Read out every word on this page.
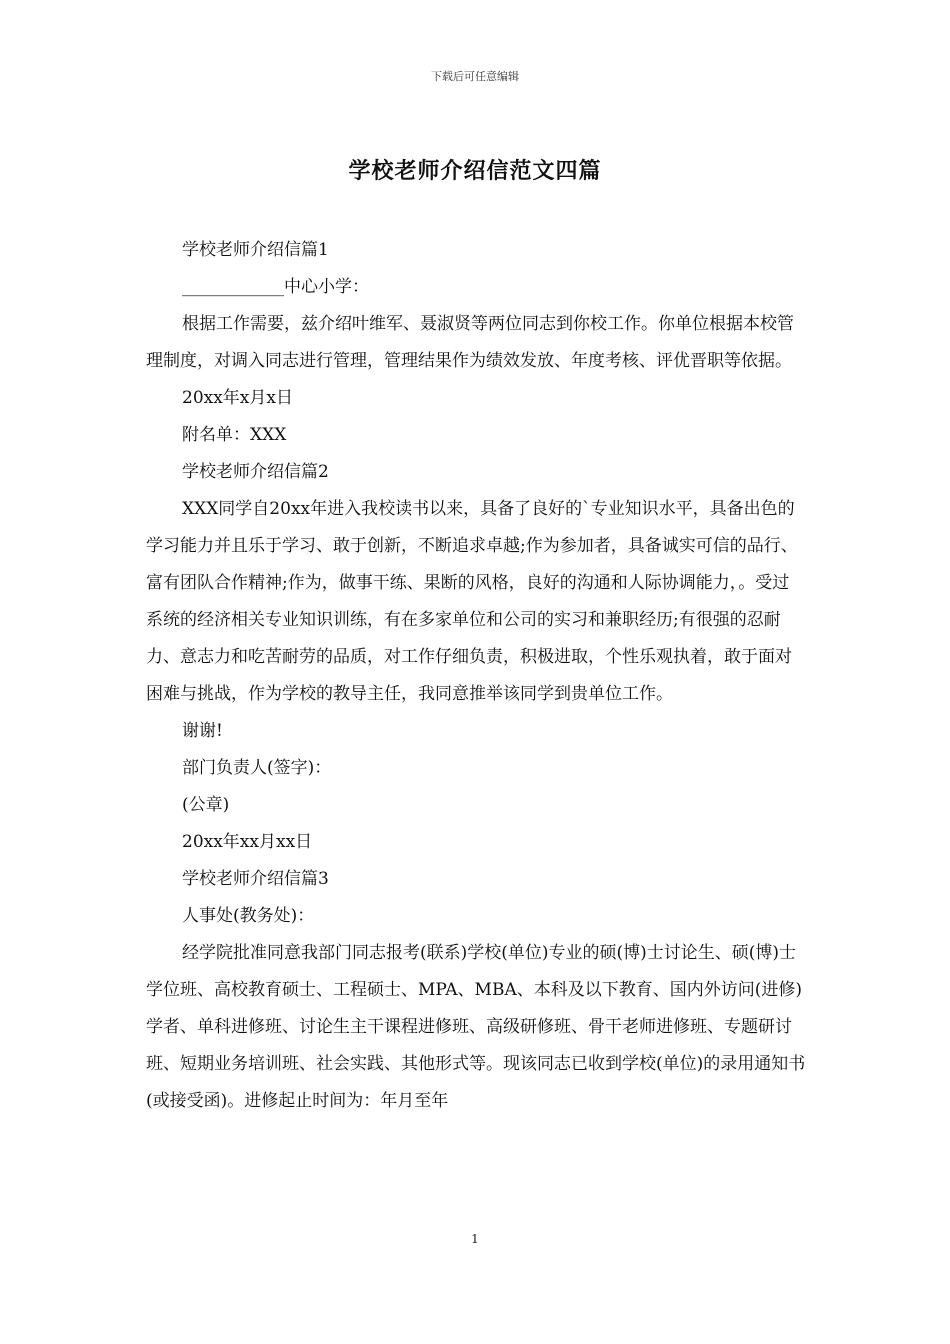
下载后可任意编辑
学校老师介绍信范文四篇
学校老师介绍信篇1
____________中心小学：

根据工作需要，兹介绍叶维军、聂淑贤等两位同志到你校工作。你单位根据本校管理制度，对调入同志进行管理，管理结果作为绩效发放、年度考核、评优晋职等依据。

20xx年x月x日
附名单：XXX
学校老师介绍信篇2

XXX同学自20xx年进入我校读书以来，具备了良好的`专业知识水平，具备出色的学习能力并且乐于学习、敢于创新，不断追求卓越;作为参加者，具备诚实可信的品行、富有团队合作精神;作为，做事干练、果断的风格，良好的沟通和人际协调能力，。受过系统的经济相关专业知识训练，有在多家单位和公司的实习和兼职经历;有很强的忍耐力、意志力和吃苦耐劳的品质，对工作仔细负责，积极进取，个性乐观执着，敢于面对困难与挑战，作为学校的教导主任，我同意推举该同学到贵单位工作。

谢谢!
部门负责人(签字)：
(公章)
20xx年xx月xx日
学校老师介绍信篇3
人事处(教务处)：

经学院批准同意我部门同志报考(联系)学校(单位)专业的硕(博)士讨论生、硕(博)士学位班、高校教育硕士、工程硕士、MPA、MBA、本科及以下教育、国内外访问(进修)学者、单科进修班、讨论生主干课程进修班、高级研修班、骨干老师进修班、专题研讨班、短期业务培训班、社会实践、其他形式等。现该同志已收到学校(单位)的录用通知书(或接受函)。进修起止时间为：年月至年

1
